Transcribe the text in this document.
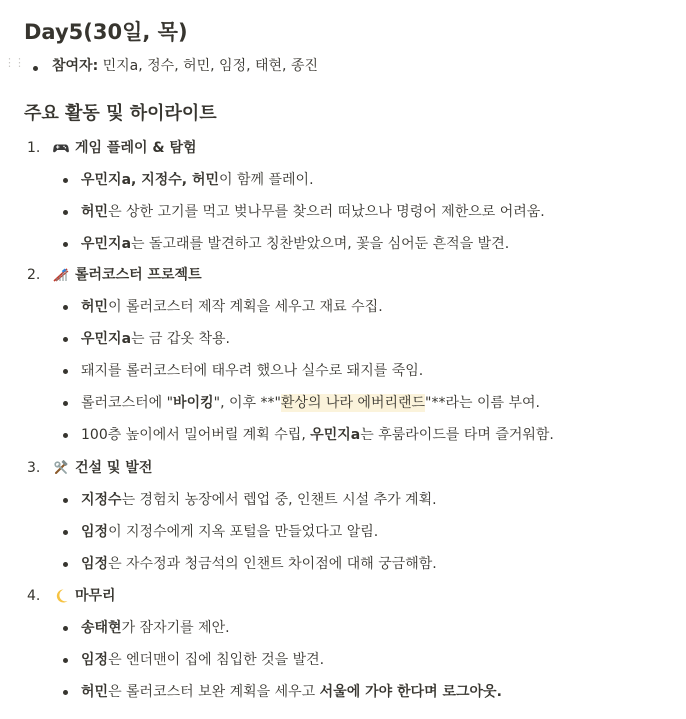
Day5(30일, 목)
⋮⋮ 참여자: 민지a, 정수, 허민, 임정, 태현, 종진
주요 활동 및 하이라이트
1. 게임 플레이 & 탐험
우민지a, 지정수, 허민이 함께 플레이.
허민은 상한 고기를 먹고 벚나무를 찾으러 떠났으나 명령어 제한으로 어려움.
우민지a는 돌고래를 발견하고 칭찬받았으며, 꽃을 심어둔 흔적을 발견.
2. 롤러코스터 프로젝트
허민이 롤러코스터 제작 계획을 세우고 재료 수집.
우민지a는 금 갑옷 착용.
돼지를 롤러코스터에 태우려 했으나 실수로 돼지를 죽임.
롤러코스터에 "바이킹", 이후 **"환상의 나라 에버리랜드"**라는 이름 부여.
100층 높이에서 밀어버릴 계획 수립, 우민지a는 후룸라이드를 타며 즐거워함.
3. 건설 및 발전
지정수는 경험치 농장에서 렙업 중, 인챈트 시설 추가 계획.
임정이 지정수에게 지옥 포털을 만들었다고 알림.
임정은 자수정과 청금석의 인챈트 차이점에 대해 궁금해함.
4. 마무리
송태현가 잠자기를 제안.
임정은 엔더맨이 집에 침입한 것을 발견.
허민은 롤러코스터 보완 계획을 세우고 서울에 가야 한다며 로그아웃.
